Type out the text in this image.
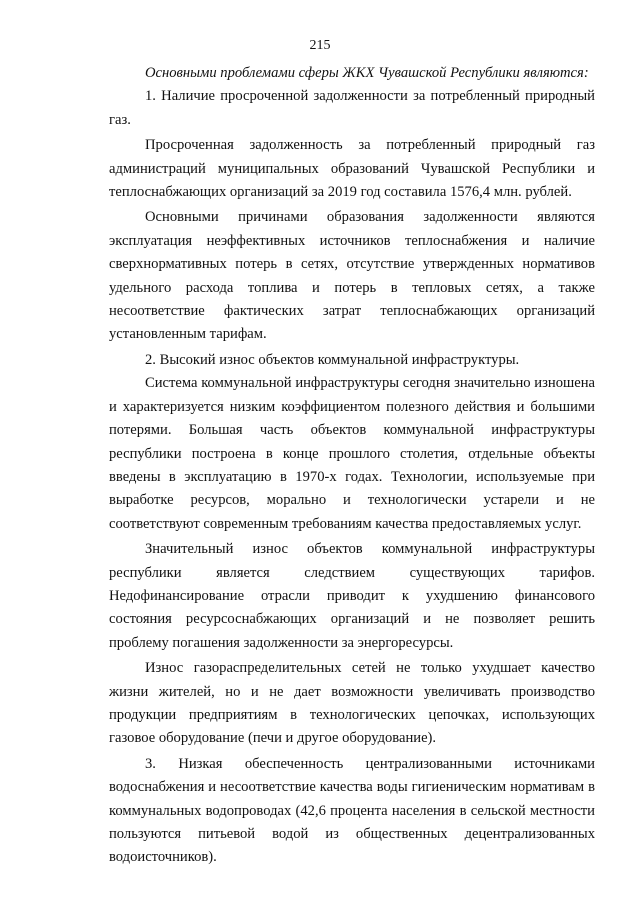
215

Основными проблемами сферы ЖКХ Чувашской Республики являются:

1. Наличие просроченной задолженности за потребленный природный газ.

Просроченная задолженность за потребленный природный газ администраций муниципальных образований Чувашской Республики и теплоснабжающих организаций за 2019 год составила 1576,4 млн. рублей.

Основными причинами образования задолженности являются эксплуатация неэффективных источников теплоснабжения и наличие сверхнормативных потерь в сетях, отсутствие утвержденных нормативов удельного расхода топлива и потерь в тепловых сетях, а также несоответствие фактических затрат теплоснабжающих организаций установленным тарифам.

2. Высокий износ объектов коммунальной инфраструктуры.

Система коммунальной инфраструктуры сегодня значительно изношена и характеризуется низким коэффициентом полезного действия и большими потерями. Большая часть объектов коммунальной инфраструктуры республики построена в конце прошлого столетия, отдельные объекты введены в эксплуатацию в 1970-х годах. Технологии, используемые при выработке ресурсов, морально и технологически устарели и не соответствуют современным требованиям качества предоставляемых услуг.

Значительный износ объектов коммунальной инфраструктуры республики является следствием существующих тарифов. Недофинансирование отрасли приводит к ухудшению финансового состояния ресурсоснабжающих организаций и не позволяет решить проблему погашения задолженности за энергоресурсы.

Износ газораспределительных сетей не только ухудшает качество жизни жителей, но и не дает возможности увеличивать производство продукции предприятиям в технологических цепочках, использующих газовое оборудование (печи и другое оборудование).

3. Низкая обеспеченность централизованными источниками водоснабжения и несоответствие качества воды гигиеническим нормативам в коммунальных водопроводах (42,6 процента населения в сельской местности пользуются питьевой водой из общественных децентрализованных водоисточников).
